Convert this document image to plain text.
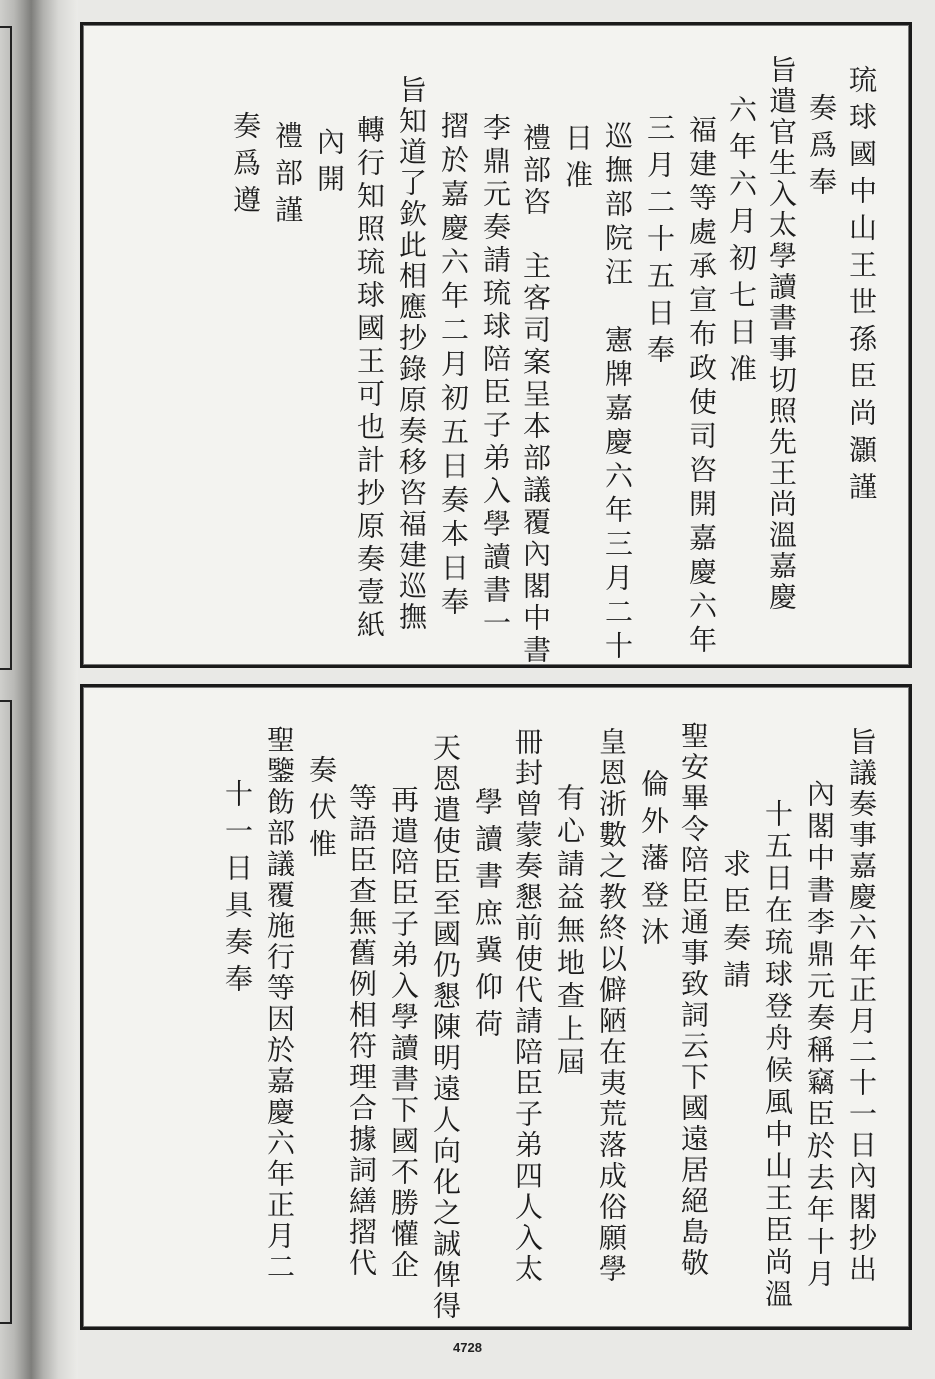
琉球國中山王世孫臣尚灝謹
奏爲奉
旨遣官生入太學讀書事切照先王尚溫嘉慶
六年六月初七日准
福建等處承宣布政使司咨開嘉慶六年
三月二十五日奉
巡撫部院汪　憲牌嘉慶六年三月二十
日准
禮部咨　主客司案呈本部議覆內閣中書
李鼎元奏請琉球陪臣子弟入學讀書一
摺於嘉慶六年二月初五日奏本日奉
旨知道了欽此相應抄錄原奏移咨福建巡撫
轉行知照琉球國王可也計抄原奏壹紙
內開
禮部謹
奏爲遵
旨議奏事嘉慶六年正月二十一日內閣抄出
內閣中書李鼎元奏稱竊臣於去年十月
十五日在琉球登舟候風中山王臣尚溫
求臣奏請
聖安畢令陪臣通事致詞云下國遠居絕島敬
倫外藩登沐
皇恩浙數之教終以僻陋在夷荒落成俗願學
有心請益無地查上屆
冊封曾蒙奏懇前使代請陪臣子弟四人入太
學讀書庶冀仰荷
天恩遣使臣至國仍懇陳明遠人向化之誠俾得
再遣陪臣子弟入學讀書下國不勝懽企
等語臣查無舊例相符理合據詞繕摺代
奏伏惟
聖鑒飭部議覆施行等因於嘉慶六年正月二
十一日具奏奉
4728
